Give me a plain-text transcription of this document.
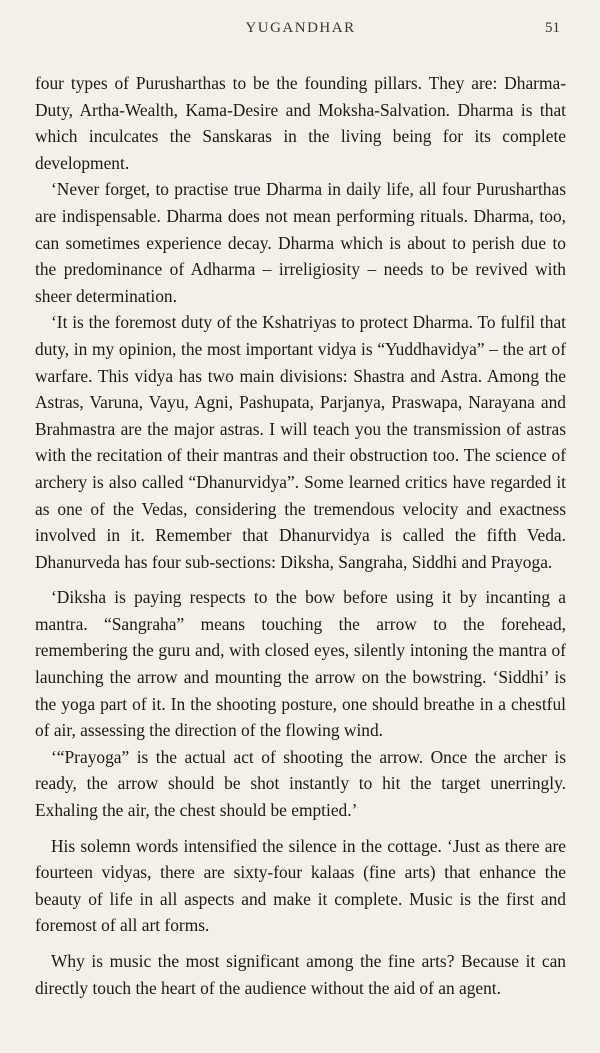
YUGANDHAR	51

four types of Purusharthas to be the founding pillars. They are: Dharma-Duty, Artha-Wealth, Kama-Desire and Moksha-Salvation. Dharma is that which inculcates the Sanskaras in the living being for its complete development.

‘Never forget, to practise true Dharma in daily life, all four Purusharthas are indispensable. Dharma does not mean performing rituals. Dharma, too, can sometimes experience decay. Dharma which is about to perish due to the predominance of Adharma – irreligiosity – needs to be revived with sheer determination.

‘It is the foremost duty of the Kshatriyas to protect Dharma. To fulfil that duty, in my opinion, the most important vidya is “Yuddhavidya” – the art of warfare. This vidya has two main divisions: Shastra and Astra. Among the Astras, Varuna, Vayu, Agni, Pashupata, Parjanya, Praswapa, Narayana and Brahmastra are the major astras. I will teach you the transmission of astras with the recitation of their mantras and their obstruction too. The science of archery is also called “Dhanurvidya”. Some learned critics have regarded it as one of the Vedas, considering the tremendous velocity and exactness involved in it. Remember that Dhanurvidya is called the fifth Veda. Dhanurveda has four sub-sections: Diksha, Sangraha, Siddhi and Prayoga.

‘Diksha is paying respects to the bow before using it by incanting a mantra. “Sangraha” means touching the arrow to the forehead, remembering the guru and, with closed eyes, silently intoning the mantra of launching the arrow and mounting the arrow on the bowstring. ‘Siddhi’ is the yoga part of it. In the shooting posture, one should breathe in a chestful of air, assessing the direction of the flowing wind.

‘“Prayoga” is the actual act of shooting the arrow. Once the archer is ready, the arrow should be shot instantly to hit the target unerringly. Exhaling the air, the chest should be emptied.’

His solemn words intensified the silence in the cottage. ‘Just as there are fourteen vidyas, there are sixty-four kalaas (fine arts) that enhance the beauty of life in all aspects and make it complete. Music is the first and foremost of all art forms.

Why is music the most significant among the fine arts? Because it can directly touch the heart of the audience without the aid of an agent.
